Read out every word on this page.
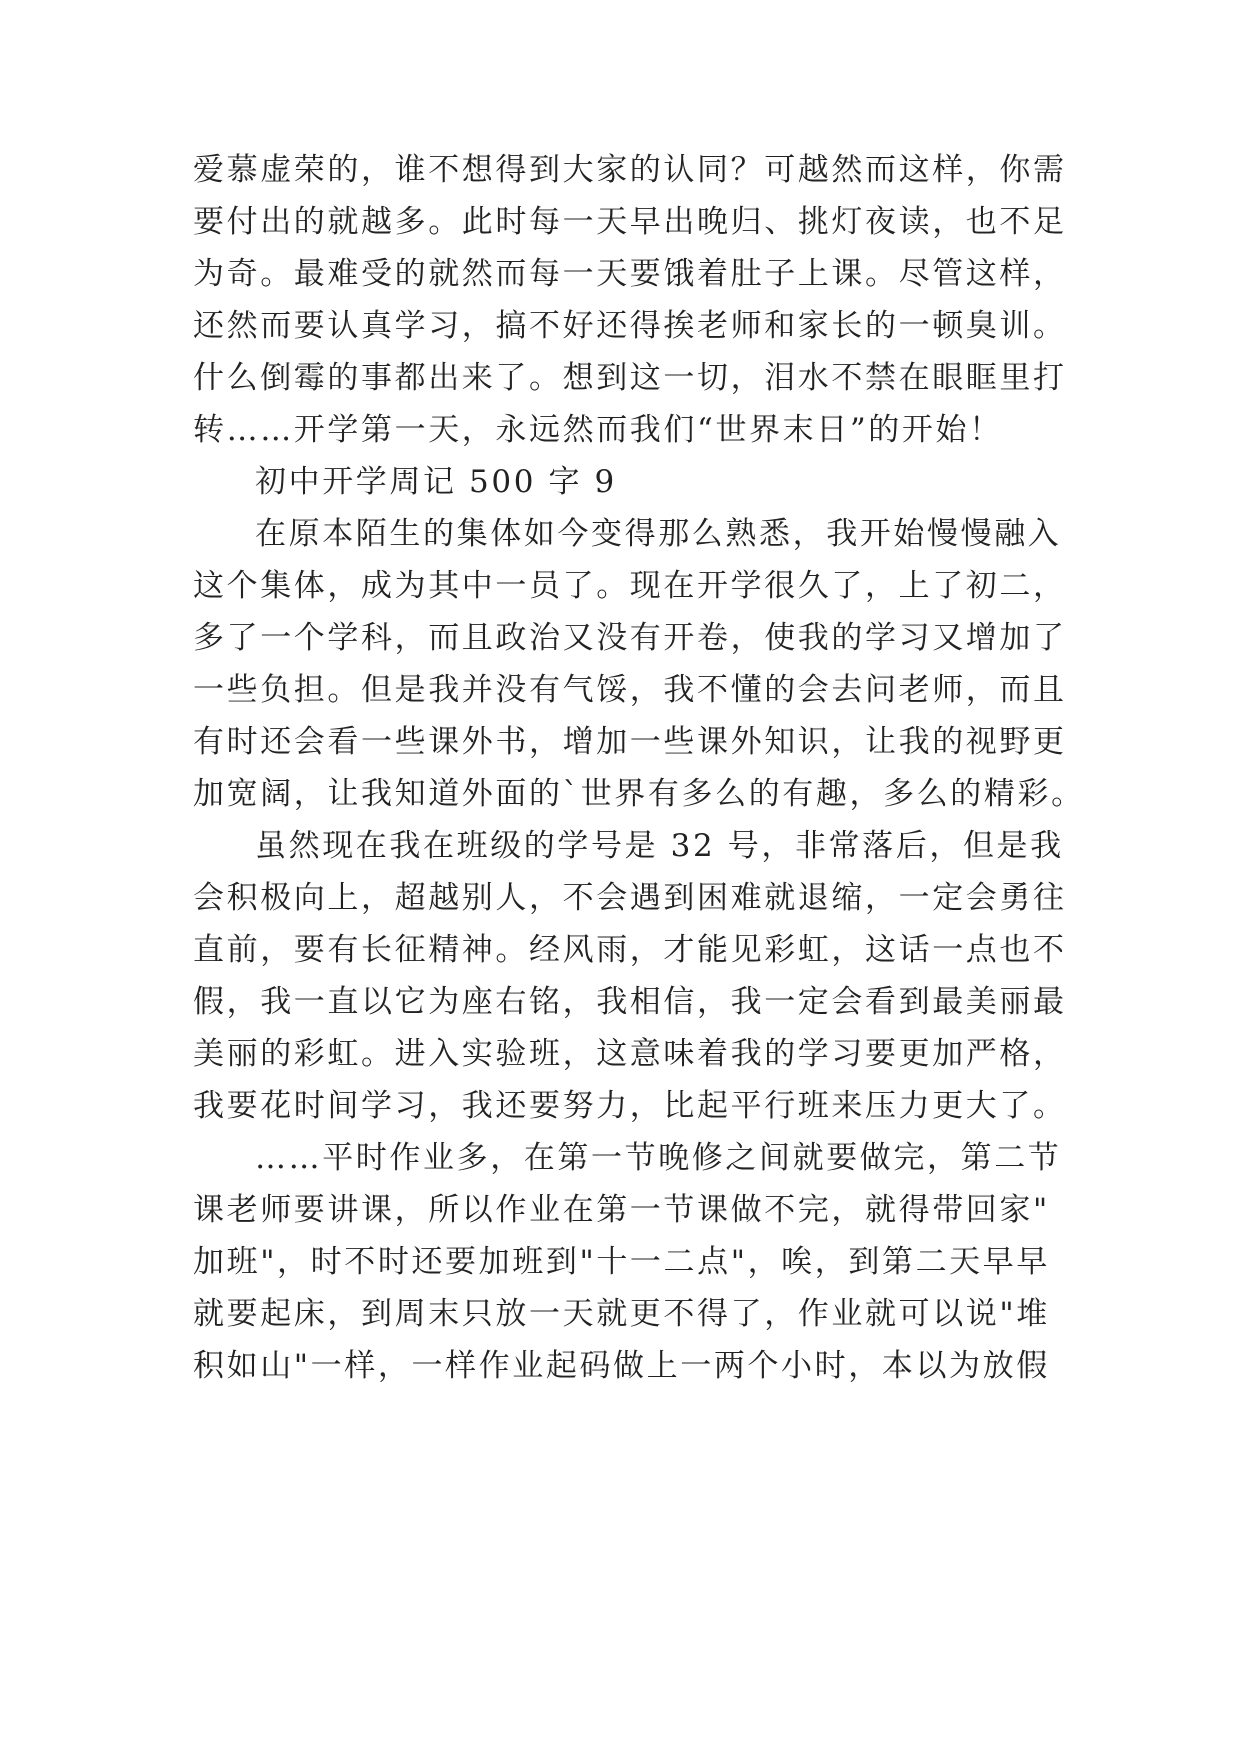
爱慕虚荣的，谁不想得到大家的认同？可越然而这样，你需
要付出的就越多。此时每一天早出晚归、挑灯夜读，也不足
为奇。最难受的就然而每一天要饿着肚子上课。尽管这样，
还然而要认真学习，搞不好还得挨老师和家长的一顿臭训。
什么倒霉的事都出来了。想到这一切，泪水不禁在眼眶里打
转……开学第一天，永远然而我们“世界末日”的开始！
初中开学周记 500 字 9
在原本陌生的集体如今变得那么熟悉，我开始慢慢融入
这个集体，成为其中一员了。现在开学很久了，上了初二，
多了一个学科，而且政治又没有开卷，使我的学习又增加了
一些负担。但是我并没有气馁，我不懂的会去问老师，而且
有时还会看一些课外书，增加一些课外知识，让我的视野更
加宽阔，让我知道外面的`世界有多么的有趣，多么的精彩。
虽然现在我在班级的学号是 32 号，非常落后，但是我
会积极向上，超越别人，不会遇到困难就退缩，一定会勇往
直前，要有长征精神。经风雨，才能见彩虹，这话一点也不
假，我一直以它为座右铭，我相信，我一定会看到最美丽最
美丽的彩虹。进入实验班，这意味着我的学习要更加严格，
我要花时间学习，我还要努力，比起平行班来压力更大了。
……平时作业多，在第一节晚修之间就要做完，第二节
课老师要讲课，所以作业在第一节课做不完，就得带回家"
加班"，时不时还要加班到"十一二点"，唉，到第二天早早
就要起床，到周末只放一天就更不得了，作业就可以说"堆
积如山"一样，一样作业起码做上一两个小时，本以为放假
